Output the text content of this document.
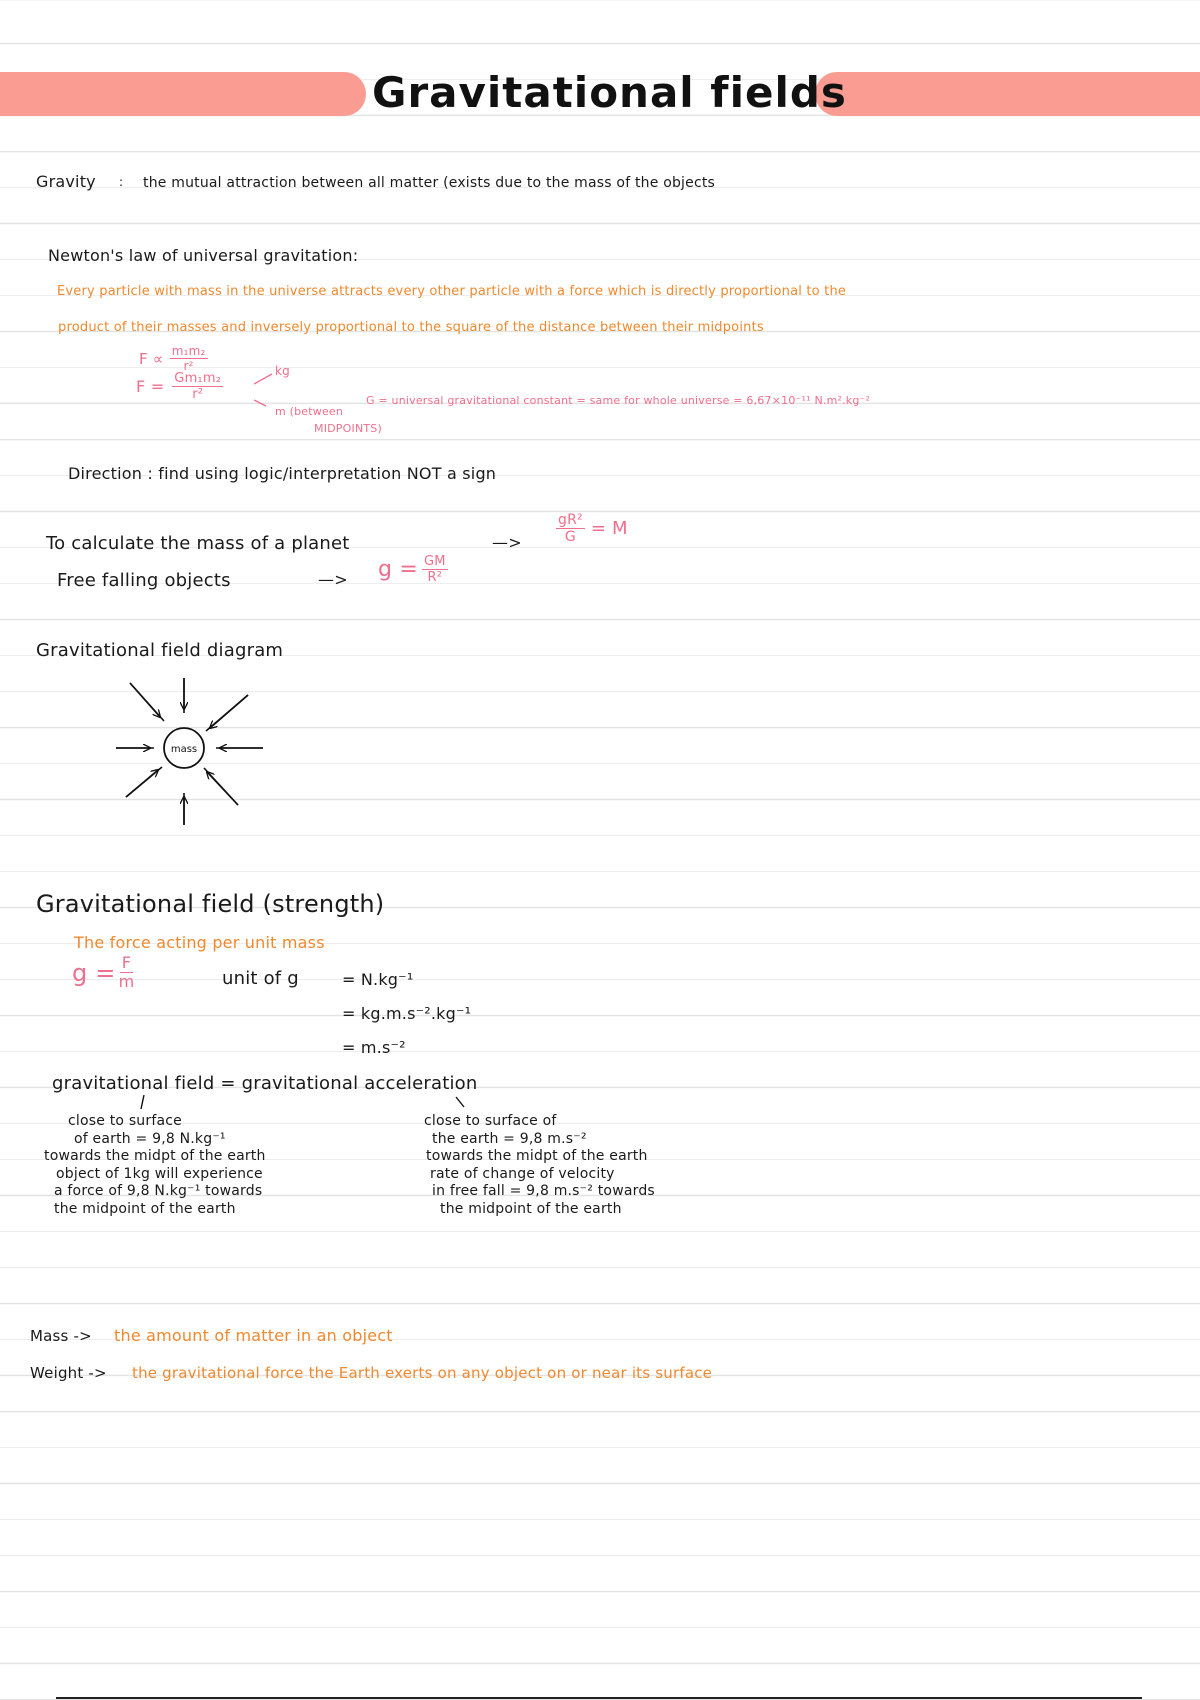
Gravitational fields
Gravity : the mutual attraction between all matter (exists due to the mass of the objects
Newton's law of universal gravitation:
Every particle with mass in the universe attracts every other particle with a force which is directly proportional to the
product of their masses and inversely proportional to the square of the distance between their midpoints
$F \propto \frac{\text{m₁m₂}}{\text{r²}}$
$F = \frac{\text{Gm₁m₂}}{\text{r²}}$
kg
m (between
MIDPOINTS)
G = universal gravitational constant = same for whole universe = 6,67×10⁻¹¹ N.m².kg⁻²
Direction : find using logic/interpretation NOT a sign
To calculate the mass of a planet	—> $\frac{\text{gR²}}{G} = M$
Free falling objects	—> $g = \frac{GM}{\text{R²}}$
Gravitational field diagram
mass
Gravitational field (strength)
The force acting per unit mass
$g = \frac{F}{m}$	unit of g	= N.kg⁻¹
= kg.m.s⁻².kg⁻¹
= m.s⁻²
gravitational field = gravitational acceleration
close to surface
of earth = 9,8 N.kg⁻¹
towards the midpt of the earth
object of 1kg will experience
a force of 9,8 N.kg⁻¹ towards
the midpoint of the earth
close to surface of
the earth = 9,8 m.s⁻²
towards the midpt of the earth
rate of change of velocity
in free fall = 9,8 m.s⁻² towards
the midpoint of the earth
Mass -> the amount of matter in an object
Weight -> the gravitational force the Earth exerts on any object on or near its surface
